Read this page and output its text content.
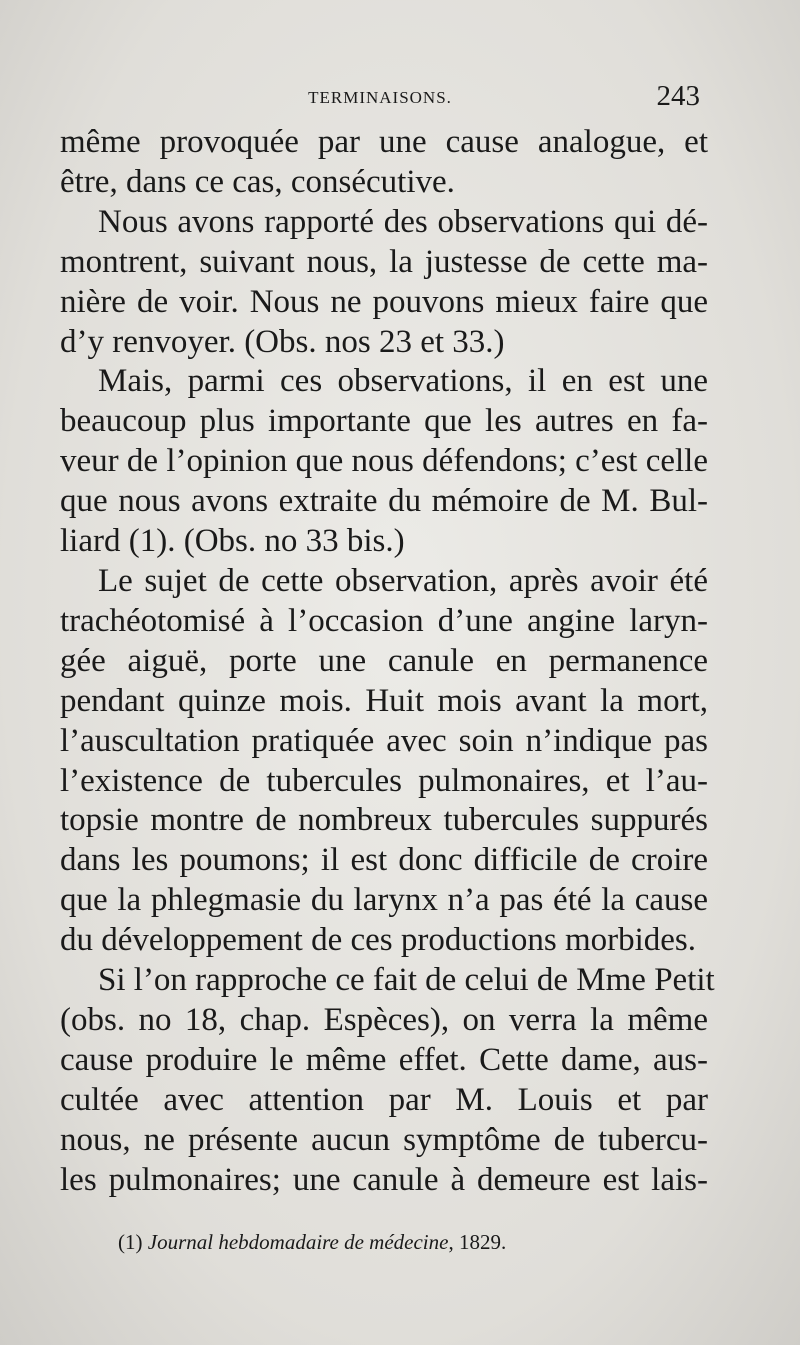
TERMINAISONS.	243
même provoquée par une cause analogue, et
être, dans ce cas, consécutive.
Nous avons rapporté des observations qui dé-
montrent, suivant nous, la justesse de cette ma-
nière de voir. Nous ne pouvons mieux faire que
d’y renvoyer. (Obs. nos 23 et 33.)
Mais, parmi ces observations, il en est une
beaucoup plus importante que les autres en fa-
veur de l’opinion que nous défendons; c’est celle
que nous avons extraite du mémoire de M. Bul-
liard (1). (Obs. no 33 bis.)
Le sujet de cette observation, après avoir été
trachéotomisé à l’occasion d’une angine laryn-
gée aiguë, porte une canule en permanence
pendant quinze mois. Huit mois avant la mort,
l’auscultation pratiquée avec soin n’indique pas
l’existence de tubercules pulmonaires, et l’au-
topsie montre de nombreux tubercules suppurés
dans les poumons; il est donc difficile de croire
que la phlegmasie du larynx n’a pas été la cause
du développement de ces productions morbides.
Si l’on rapproche ce fait de celui de Mme Petit
(obs. no 18, chap. Espèces), on verra la même
cause produire le même effet. Cette dame, aus-
cultée avec attention par M. Louis et par
nous, ne présente aucun symptôme de tubercu-
les pulmonaires; une canule à demeure est lais-
(1) Journal hebdomadaire de médecine, 1829.
